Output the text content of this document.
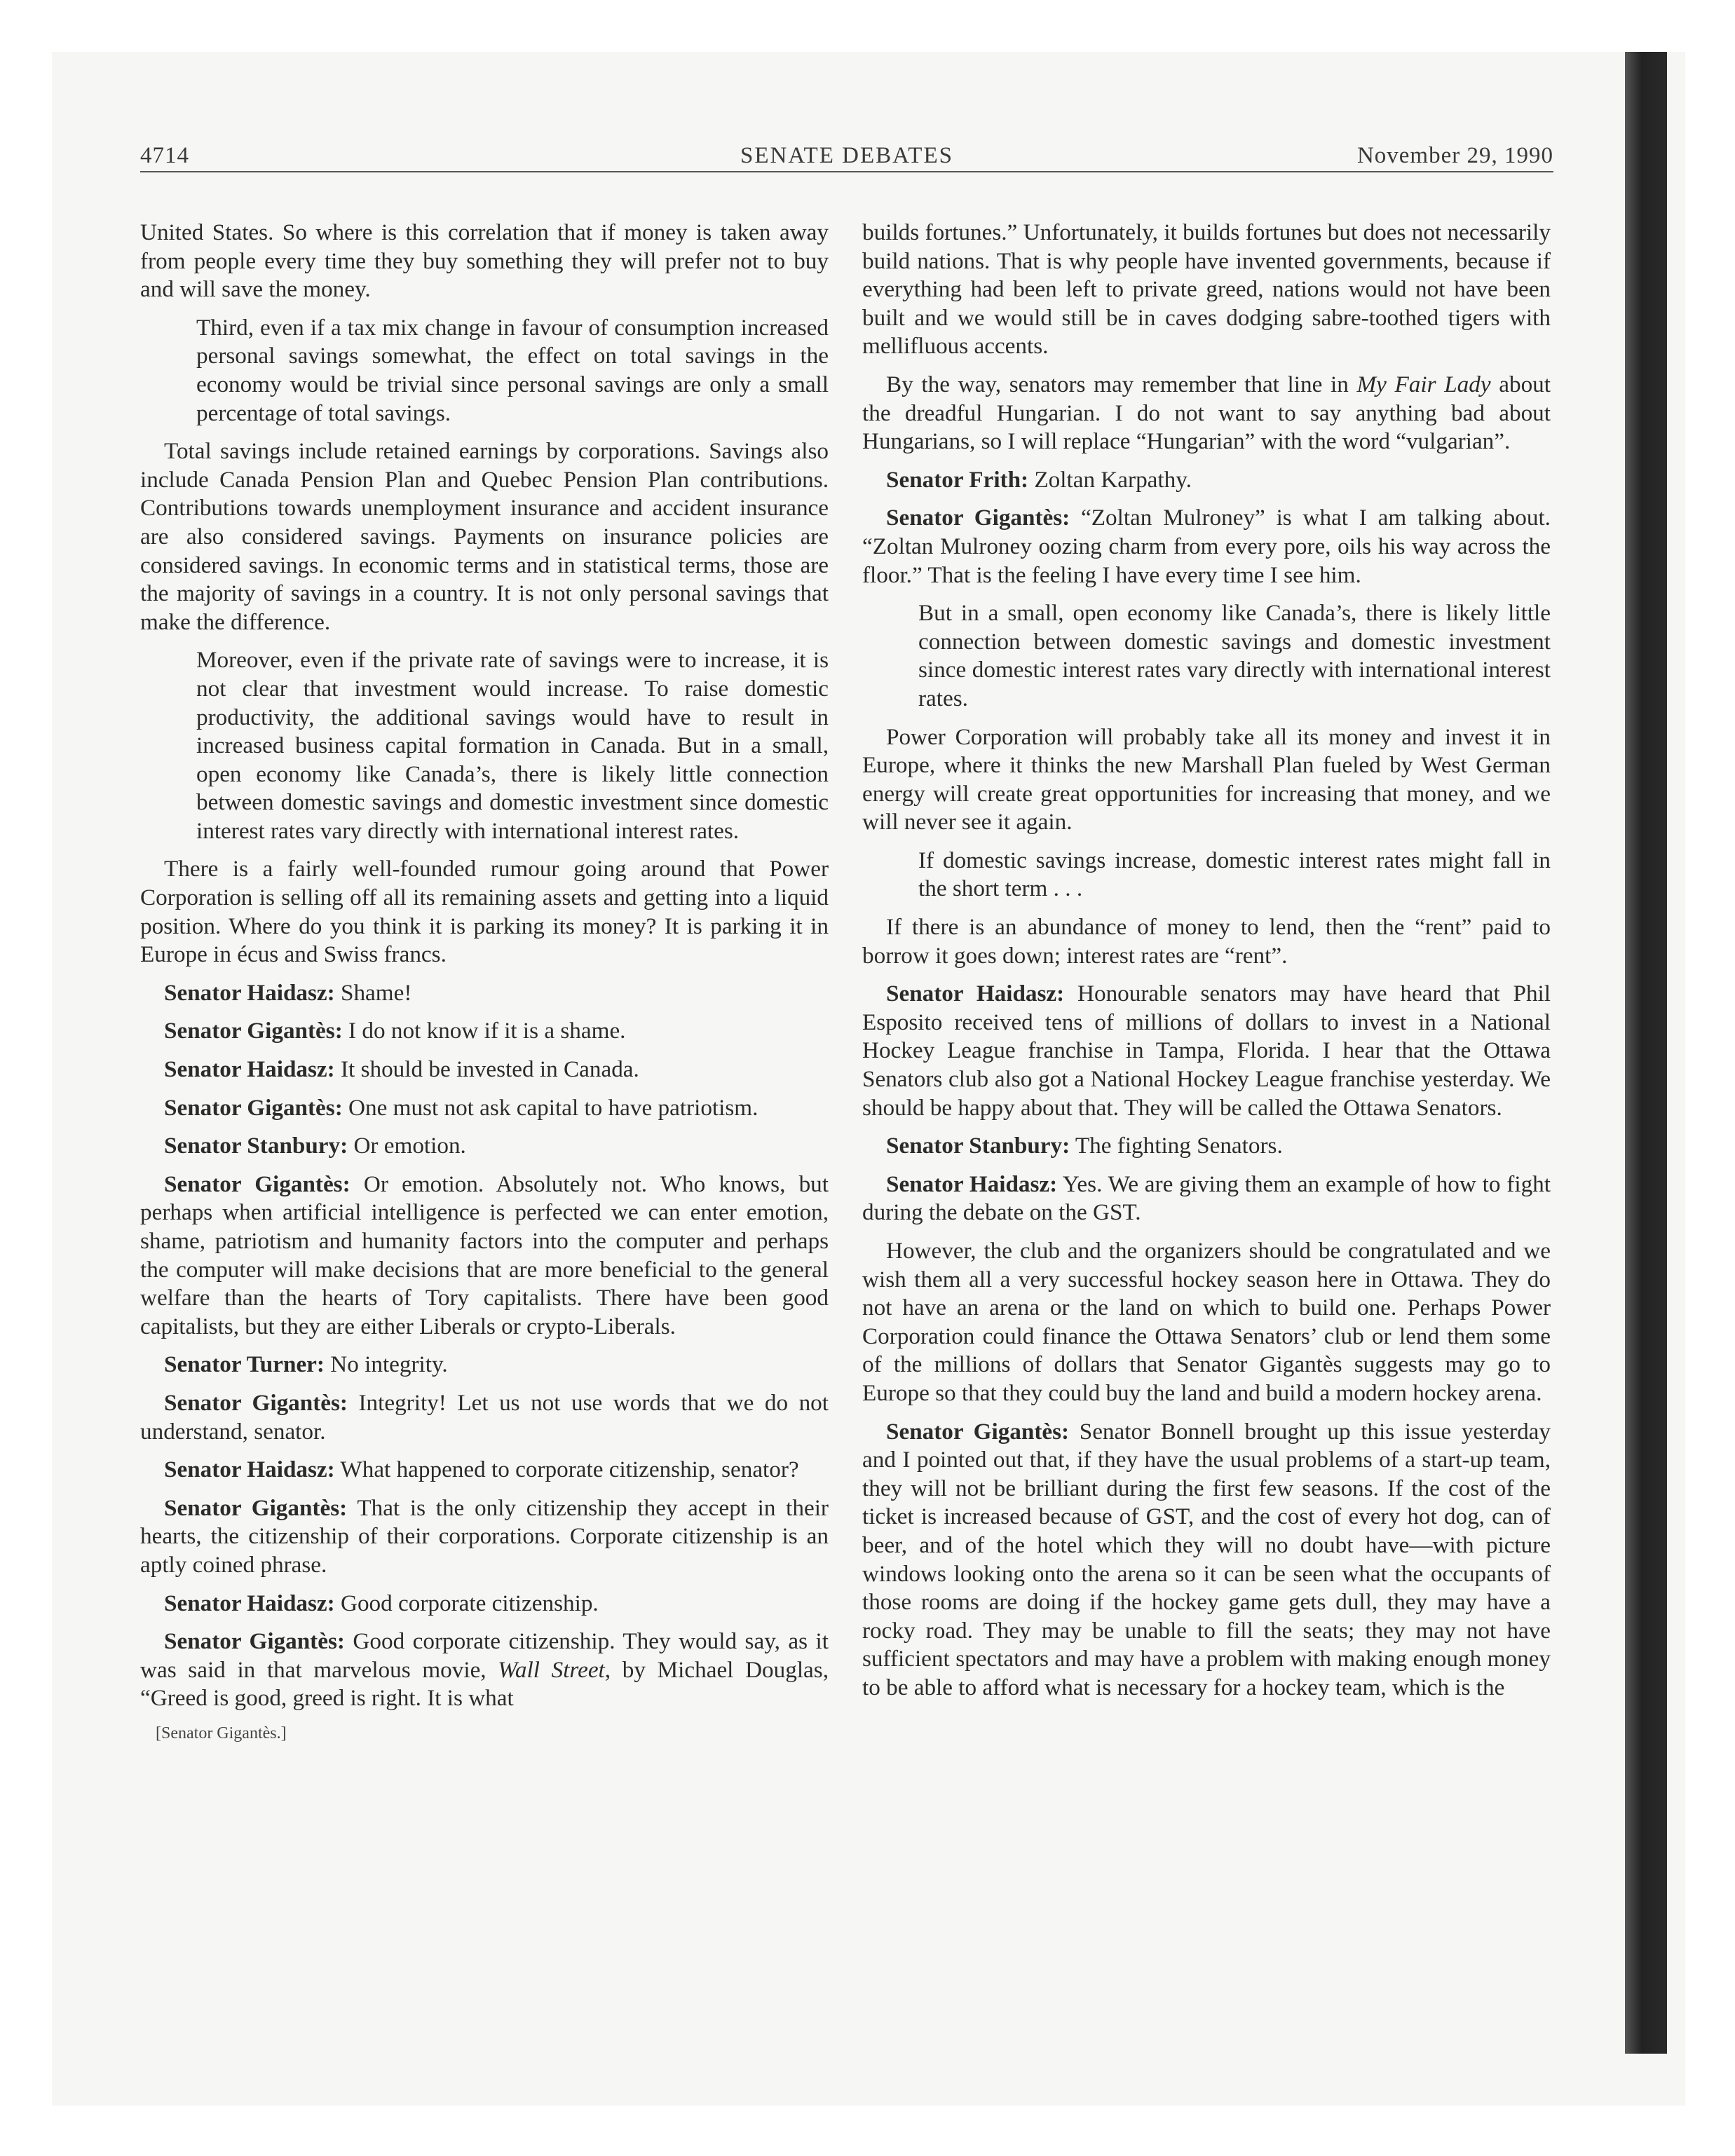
4714	SENATE DEBATES	November 29, 1990

United States. So where is this correlation that if money is taken away from people every time they buy something they will prefer not to buy and will save the money.

Third, even if a tax mix change in favour of consumption increased personal savings somewhat, the effect on total savings in the economy would be trivial since personal savings are only a small percentage of total savings.

Total savings include retained earnings by corporations. Savings also include Canada Pension Plan and Quebec Pension Plan contributions. Contributions towards unemployment insurance and accident insurance are also considered savings. Payments on insurance policies are considered savings. In economic terms and in statistical terms, those are the majority of savings in a country. It is not only personal savings that make the difference.

Moreover, even if the private rate of savings were to increase, it is not clear that investment would increase. To raise domestic productivity, the additional savings would have to result in increased business capital formation in Canada. But in a small, open economy like Canada’s, there is likely little connection between domestic savings and domestic investment since domestic interest rates vary directly with international interest rates.

There is a fairly well-founded rumour going around that Power Corporation is selling off all its remaining assets and getting into a liquid position. Where do you think it is parking its money? It is parking it in Europe in écus and Swiss francs.

Senator Haidasz: Shame!

Senator Gigantès: I do not know if it is a shame.

Senator Haidasz: It should be invested in Canada.

Senator Gigantès: One must not ask capital to have patriotism.

Senator Stanbury: Or emotion.

Senator Gigantès: Or emotion. Absolutely not. Who knows, but perhaps when artificial intelligence is perfected we can enter emotion, shame, patriotism and humanity factors into the computer and perhaps the computer will make decisions that are more beneficial to the general welfare than the hearts of Tory capitalists. There have been good capitalists, but they are either Liberals or crypto-Liberals.

Senator Turner: No integrity.

Senator Gigantès: Integrity! Let us not use words that we do not understand, senator.

Senator Haidasz: What happened to corporate citizenship, senator?

Senator Gigantès: That is the only citizenship they accept in their hearts, the citizenship of their corporations. Corporate citizenship is an aptly coined phrase.

Senator Haidasz: Good corporate citizenship.

Senator Gigantès: Good corporate citizenship. They would say, as it was said in that marvelous movie, Wall Street, by Michael Douglas, “Greed is good, greed is right. It is what

[Senator Gigantès.]

builds fortunes.” Unfortunately, it builds fortunes but does not necessarily build nations. That is why people have invented governments, because if everything had been left to private greed, nations would not have been built and we would still be in caves dodging sabre-toothed tigers with mellifluous accents.

By the way, senators may remember that line in My Fair Lady about the dreadful Hungarian. I do not want to say anything bad about Hungarians, so I will replace “Hungarian” with the word “vulgarian”.

Senator Frith: Zoltan Karpathy.

Senator Gigantès: “Zoltan Mulroney” is what I am talking about. “Zoltan Mulroney oozing charm from every pore, oils his way across the floor.” That is the feeling I have every time I see him.

But in a small, open economy like Canada’s, there is likely little connection between domestic savings and domestic investment since domestic interest rates vary directly with international interest rates.

Power Corporation will probably take all its money and invest it in Europe, where it thinks the new Marshall Plan fueled by West German energy will create great opportunities for increasing that money, and we will never see it again.

If domestic savings increase, domestic interest rates might fall in the short term . . .

If there is an abundance of money to lend, then the “rent” paid to borrow it goes down; interest rates are “rent”.

Senator Haidasz: Honourable senators may have heard that Phil Esposito received tens of millions of dollars to invest in a National Hockey League franchise in Tampa, Florida. I hear that the Ottawa Senators club also got a National Hockey League franchise yesterday. We should be happy about that. They will be called the Ottawa Senators.

Senator Stanbury: The fighting Senators.

Senator Haidasz: Yes. We are giving them an example of how to fight during the debate on the GST.

However, the club and the organizers should be congratulated and we wish them all a very successful hockey season here in Ottawa. They do not have an arena or the land on which to build one. Perhaps Power Corporation could finance the Ottawa Senators’ club or lend them some of the millions of dollars that Senator Gigantès suggests may go to Europe so that they could buy the land and build a modern hockey arena.

Senator Gigantès: Senator Bonnell brought up this issue yesterday and I pointed out that, if they have the usual problems of a start-up team, they will not be brilliant during the first few seasons. If the cost of the ticket is increased because of GST, and the cost of every hot dog, can of beer, and of the hotel which they will no doubt have—with picture windows looking onto the arena so it can be seen what the occupants of those rooms are doing if the hockey game gets dull, they may have a rocky road. They may be unable to fill the seats; they may not have sufficient spectators and may have a problem with making enough money to be able to afford what is necessary for a hockey team, which is the
